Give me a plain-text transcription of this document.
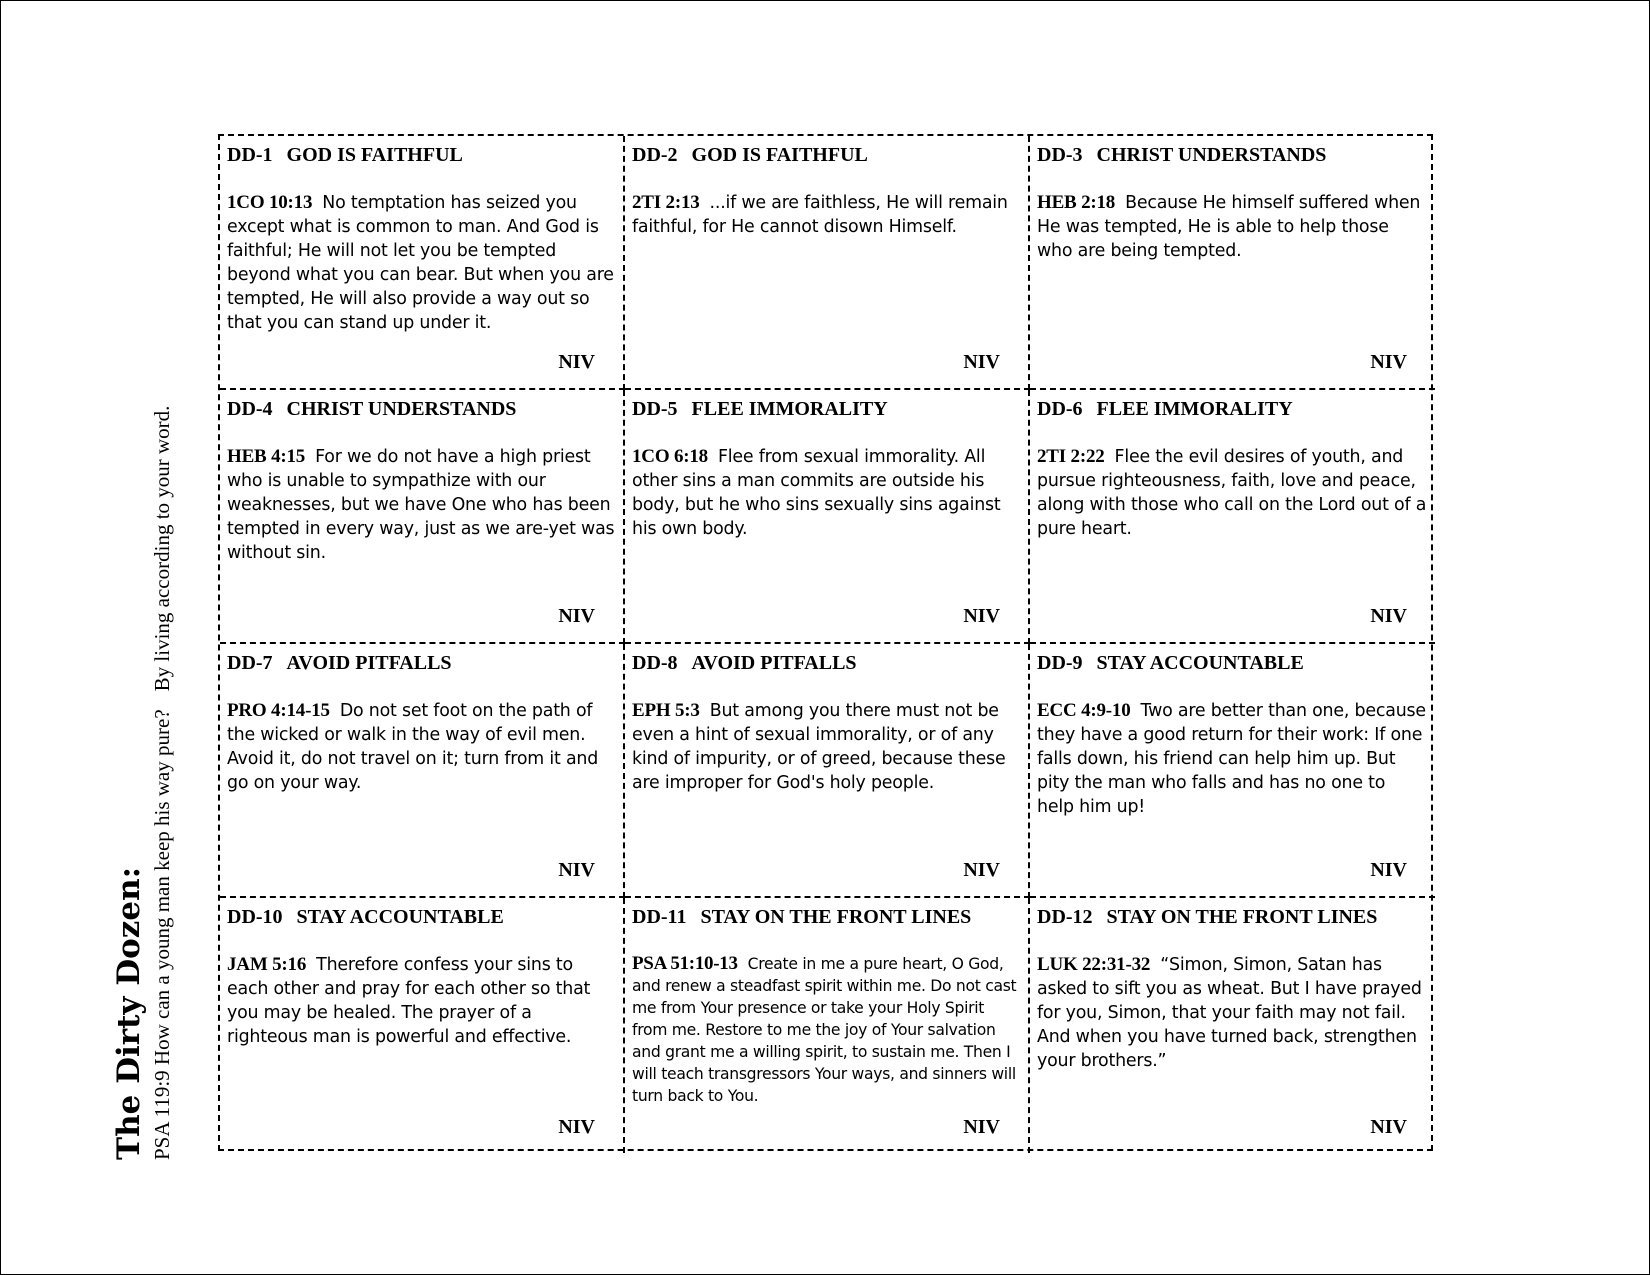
The Dirty Dozen: PSA 119:9 How can a young man keep his way pure?By living according to your word.
DD-1 GOD IS FAITHFUL
1CO 10:13 No temptation has seized you except what is common to man. And God is faithful; He will not let you be tempted beyond what you can bear. But when you are tempted, He will also provide a way out so that you can stand up under it.
NIV
DD-2 GOD IS FAITHFUL
2TI 2:13 ...if we are faithless, He will remain faithful, for He cannot disown Himself.
NIV
DD-3 CHRIST UNDERSTANDS
HEB 2:18 Because He himself suffered when He was tempted, He is able to help those who are being tempted.
NIV
DD-4 CHRIST UNDERSTANDS
HEB 4:15 For we do not have a high priest who is unable to sympathize with our weaknesses, but we have One who has been tempted in every way, just as we are-yet was without sin.
NIV
DD-5 FLEE IMMORALITY
1CO 6:18 Flee from sexual immorality. All other sins a man commits are outside his body, but he who sins sexually sins against his own body.
NIV
DD-6 FLEE IMMORALITY
2TI 2:22 Flee the evil desires of youth, and pursue righteousness, faith, love and peace, along with those who call on the Lord out of a pure heart.
NIV
DD-7 AVOID PITFALLS
PRO 4:14-15 Do not set foot on the path of the wicked or walk in the way of evil men. Avoid it, do not travel on it; turn from it and go on your way.
NIV
DD-8 AVOID PITFALLS
EPH 5:3 But among you there must not be even a hint of sexual immorality, or of any kind of impurity, or of greed, because these are improper for God's holy people.
NIV
DD-9 STAY ACCOUNTABLE
ECC 4:9-10 Two are better than one, because they have a good return for their work: If one falls down, his friend can help him up. But pity the man who falls and has no one to help him up!
NIV
DD-10 STAY ACCOUNTABLE
JAM 5:16 Therefore confess your sins to each other and pray for each other so that you may be healed. The prayer of a righteous man is powerful and effective.
NIV
DD-11 STAY ON THE FRONT LINES
PSA 51:10-13 Create in me a pure heart, O God, and renew a steadfast spirit within me. Do not cast me from Your presence or take your Holy Spirit from me. Restore to me the joy of Your salvation and grant me a willing spirit, to sustain me. Then I will teach transgressors Your ways, and sinners will turn back to You.
NIV
DD-12 STAY ON THE FRONT LINES
LUK 22:31-32 “Simon, Simon, Satan has asked to sift you as wheat. But I have prayed for you, Simon, that your faith may not fail. And when you have turned back, strengthen your brothers.”
NIV
